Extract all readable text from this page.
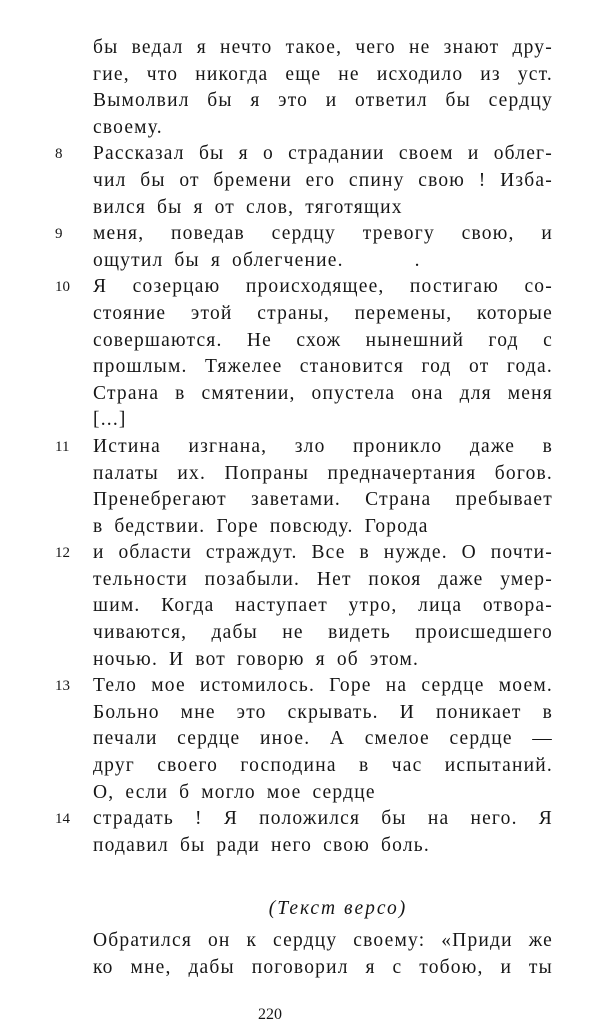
бы ведал я нечто такое, чего не знают дру-
гие, что никогда еще не исходило из уст.
Вымолвил бы я это и ответил бы сердцу
своему.
8	Рассказал бы я о страдании своем и облег-
чил бы от бремени его спину свою ! Изба-
вился бы я от слов, тяготящих
9	меня, поведав сердцу тревогу свою, и
ощутил бы я облегчение.	.
10	Я созерцаю происходящее, постигаю со-
стояние этой страны, перемены, которые
совершаются. Не схож нынешний год с
прошлым. Тяжелее становится год от года.
Страна в смятении, опустела она для меня
[...]
11	Истина изгнана, зло проникло даже в
палаты их. Попраны предначертания богов.
Пренебрегают заветами. Страна пребывает
в бедствии. Горе повсюду. Города
12	и области страждут. Все в нужде. О почти-
тельности позабыли. Нет покоя даже умер-
шим. Когда наступает утро, лица отвора-
чиваются, дабы не видеть происшедшего
ночью. И вот говорю я об этом.
13	Тело мое истомилось. Горе на сердце моем.
Больно мне это скрывать. И поникает в
печали сердце иное. А смелое сердце —
друг своего господина в час испытаний.
О, если б могло мое сердце
14	страдать ! Я положился бы на него. Я
подавил бы ради него свою боль.
(Текст версо)
Обратился он к сердцу своему: «Приди же
ко мне, дабы поговорил я с тобою, и ты
220
